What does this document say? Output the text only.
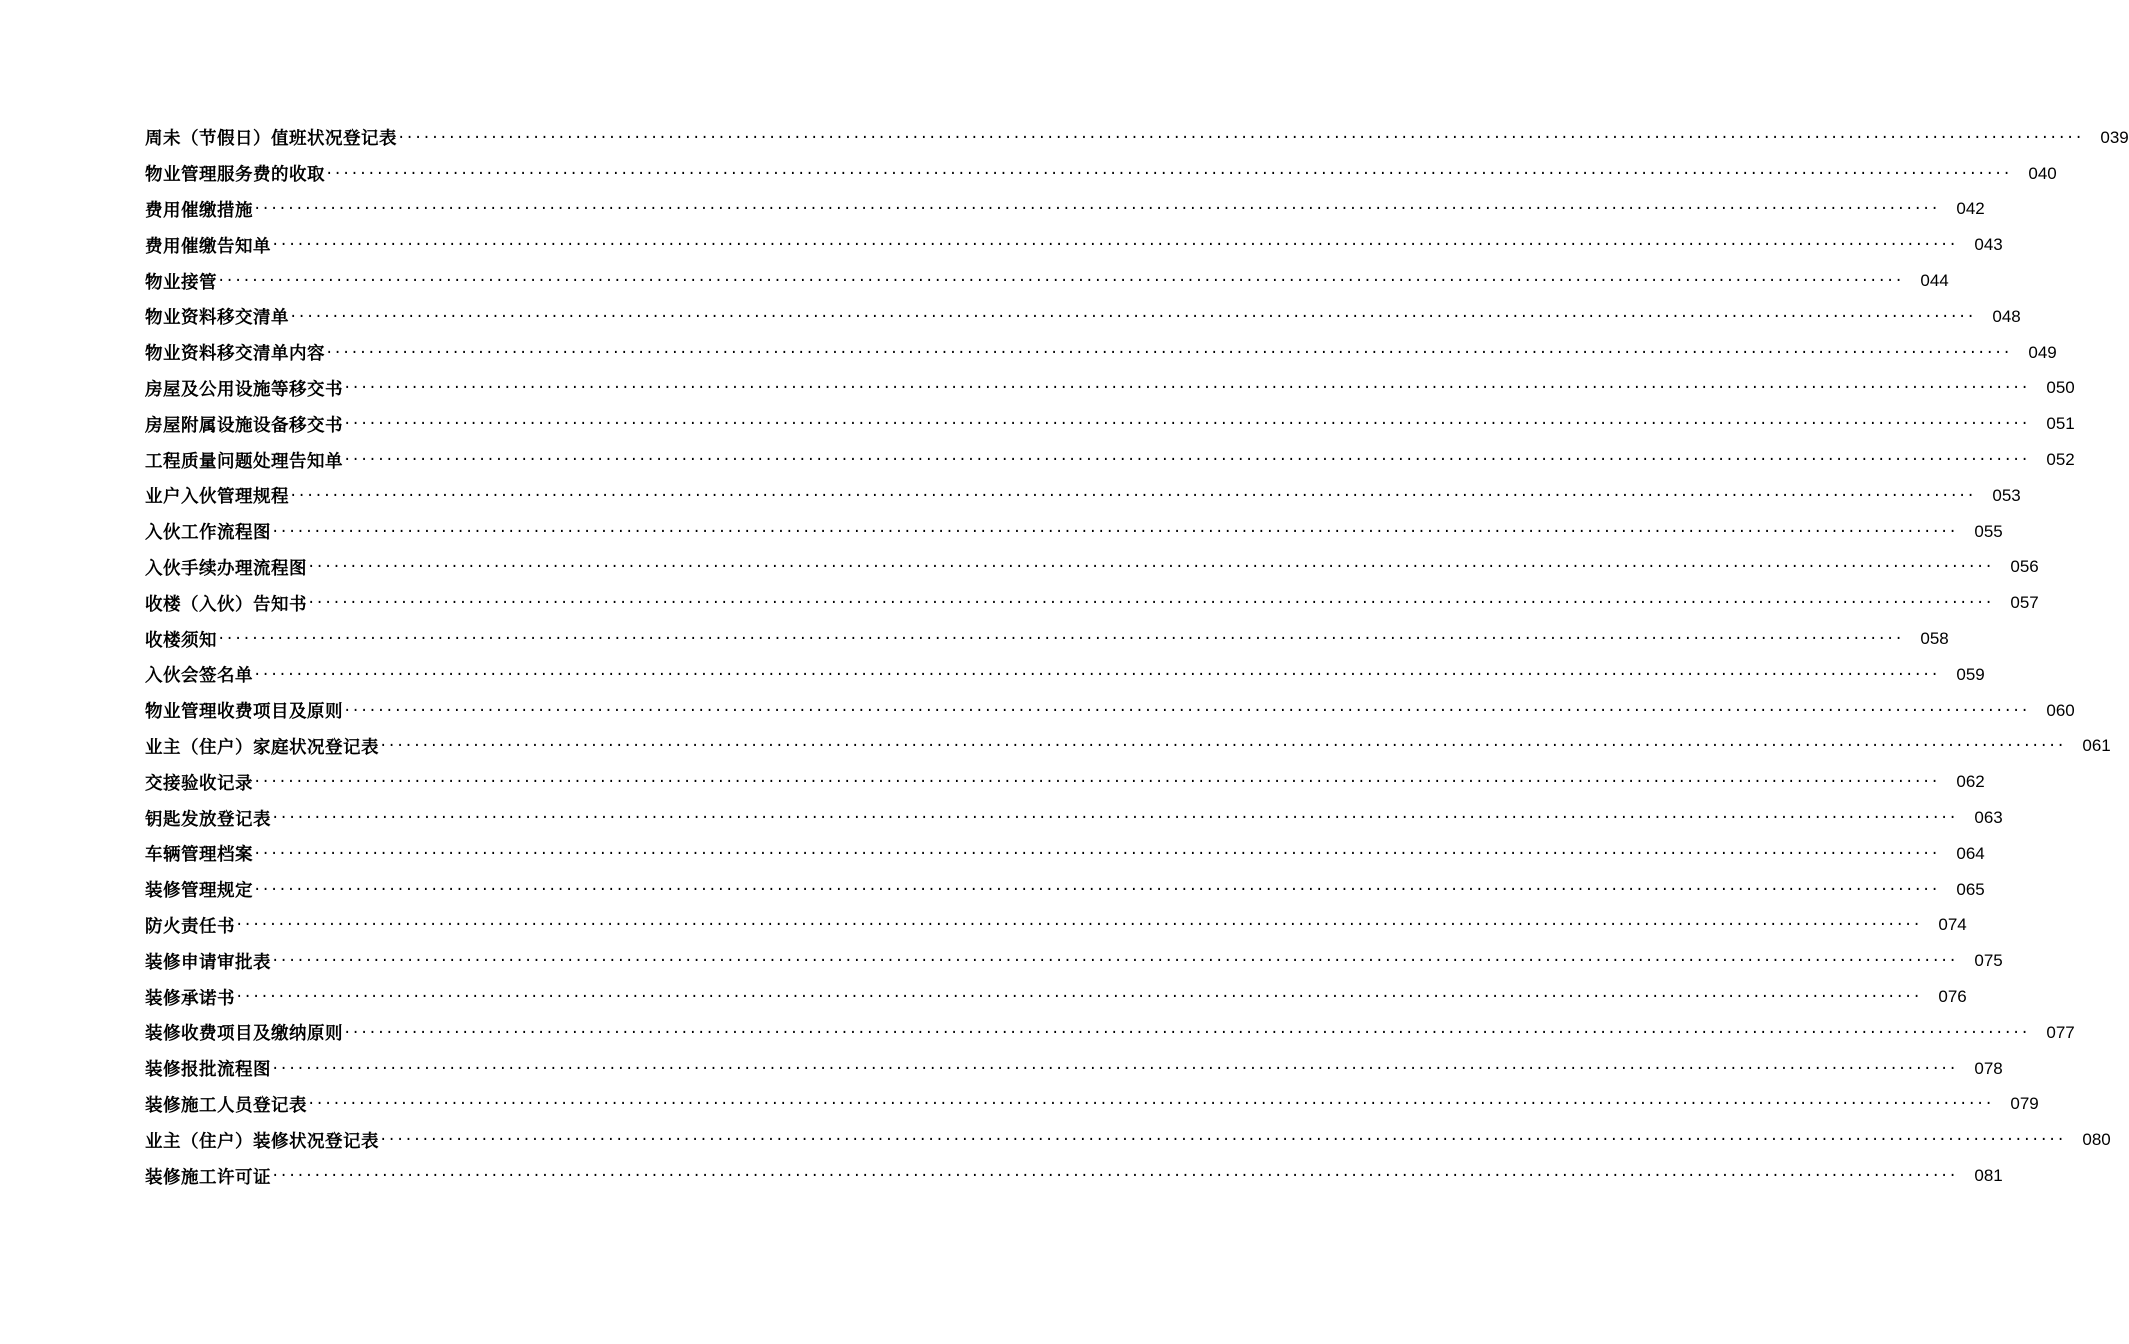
周未（节假日）值班状况登记表 ········································································································································································································	039
物业管理服务费的收取 ········································································································································································································	040
费用催缴措施 ········································································································································································································	042
费用催缴告知单 ········································································································································································································	043
物业接管 ········································································································································································································	044
物业资料移交清单 ········································································································································································································	048
物业资料移交清单内容 ········································································································································································································	049
房屋及公用设施等移交书 ········································································································································································································	050
房屋附属设施设备移交书 ········································································································································································································	051
工程质量问题处理告知单 ········································································································································································································	052
业户入伙管理规程 ········································································································································································································	053
入伙工作流程图 ········································································································································································································	055
入伙手续办理流程图 ········································································································································································································	056
收楼（入伙）告知书 ········································································································································································································	057
收楼须知 ········································································································································································································	058
入伙会签名单 ········································································································································································································	059
物业管理收费项目及原则 ········································································································································································································	060
业主（住户）家庭状况登记表 ········································································································································································································	061
交接验收记录 ········································································································································································································	062
钥匙发放登记表 ········································································································································································································	063
车辆管理档案 ········································································································································································································	064
装修管理规定 ········································································································································································································	065
防火责任书 ········································································································································································································	074
装修申请审批表 ········································································································································································································	075
装修承诺书 ········································································································································································································	076
装修收费项目及缴纳原则 ········································································································································································································	077
装修报批流程图 ········································································································································································································	078
装修施工人员登记表 ········································································································································································································	079
业主（住户）装修状况登记表 ········································································································································································································	080
装修施工许可证 ········································································································································································································	081
